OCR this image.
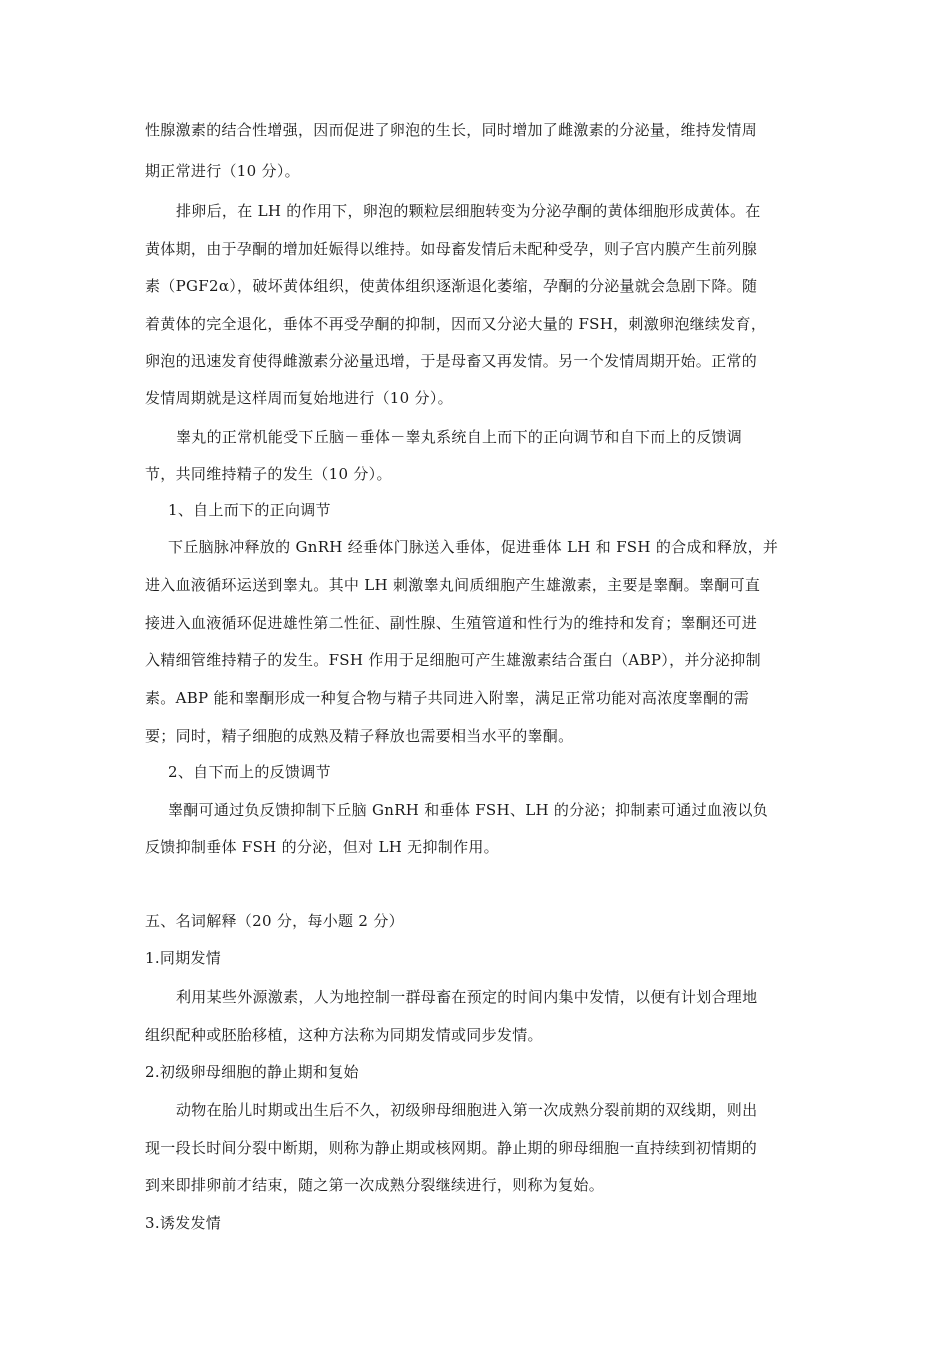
性腺激素的结合性增强，因而促进了卵泡的生长，同时增加了雌激素的分泌量，维持发情周

期正常进行（10 分）。

排卵后，在 LH 的作用下，卵泡的颗粒层细胞转变为分泌孕酮的黄体细胞形成黄体。在

黄体期，由于孕酮的增加妊娠得以维持。如母畜发情后未配种受孕，则子宫内膜产生前列腺

素（PGF2α），破坏黄体组织，使黄体组织逐渐退化萎缩，孕酮的分泌量就会急剧下降。随

着黄体的完全退化，垂体不再受孕酮的抑制，因而又分泌大量的 FSH，刺激卵泡继续发育，

卵泡的迅速发育使得雌激素分泌量迅增，于是母畜又再发情。另一个发情周期开始。正常的

发情周期就是这样周而复始地进行（10 分）。

睾丸的正常机能受下丘脑－垂体－睾丸系统自上而下的正向调节和自下而上的反馈调

节，共同维持精子的发生（10 分）。

1、自上而下的正向调节

下丘脑脉冲释放的 GnRH 经垂体门脉送入垂体，促进垂体 LH 和 FSH 的合成和释放，并

进入血液循环运送到睾丸。其中 LH 刺激睾丸间质细胞产生雄激素，主要是睾酮。睾酮可直

接进入血液循环促进雄性第二性征、副性腺、生殖管道和性行为的维持和发育；睾酮还可进

入精细管维持精子的发生。FSH 作用于足细胞可产生雄激素结合蛋白（ABP），并分泌抑制

素。ABP 能和睾酮形成一种复合物与精子共同进入附睾，满足正常功能对高浓度睾酮的需

要；同时，精子细胞的成熟及精子释放也需要相当水平的睾酮。

2、自下而上的反馈调节

睾酮可通过负反馈抑制下丘脑 GnRH 和垂体 FSH、LH 的分泌；抑制素可通过血液以负

反馈抑制垂体 FSH 的分泌，但对 LH 无抑制作用。

五、名词解释（20 分，每小题 2 分）

1.同期发情

利用某些外源激素，人为地控制一群母畜在预定的时间内集中发情，以便有计划合理地

组织配种或胚胎移植，这种方法称为同期发情或同步发情。

2.初级卵母细胞的静止期和复始

动物在胎儿时期或出生后不久，初级卵母细胞进入第一次成熟分裂前期的双线期，则出

现一段长时间分裂中断期，则称为静止期或核网期。静止期的卵母细胞一直持续到初情期的

到来即排卵前才结束，随之第一次成熟分裂继续进行，则称为复始。

3.诱发发情
